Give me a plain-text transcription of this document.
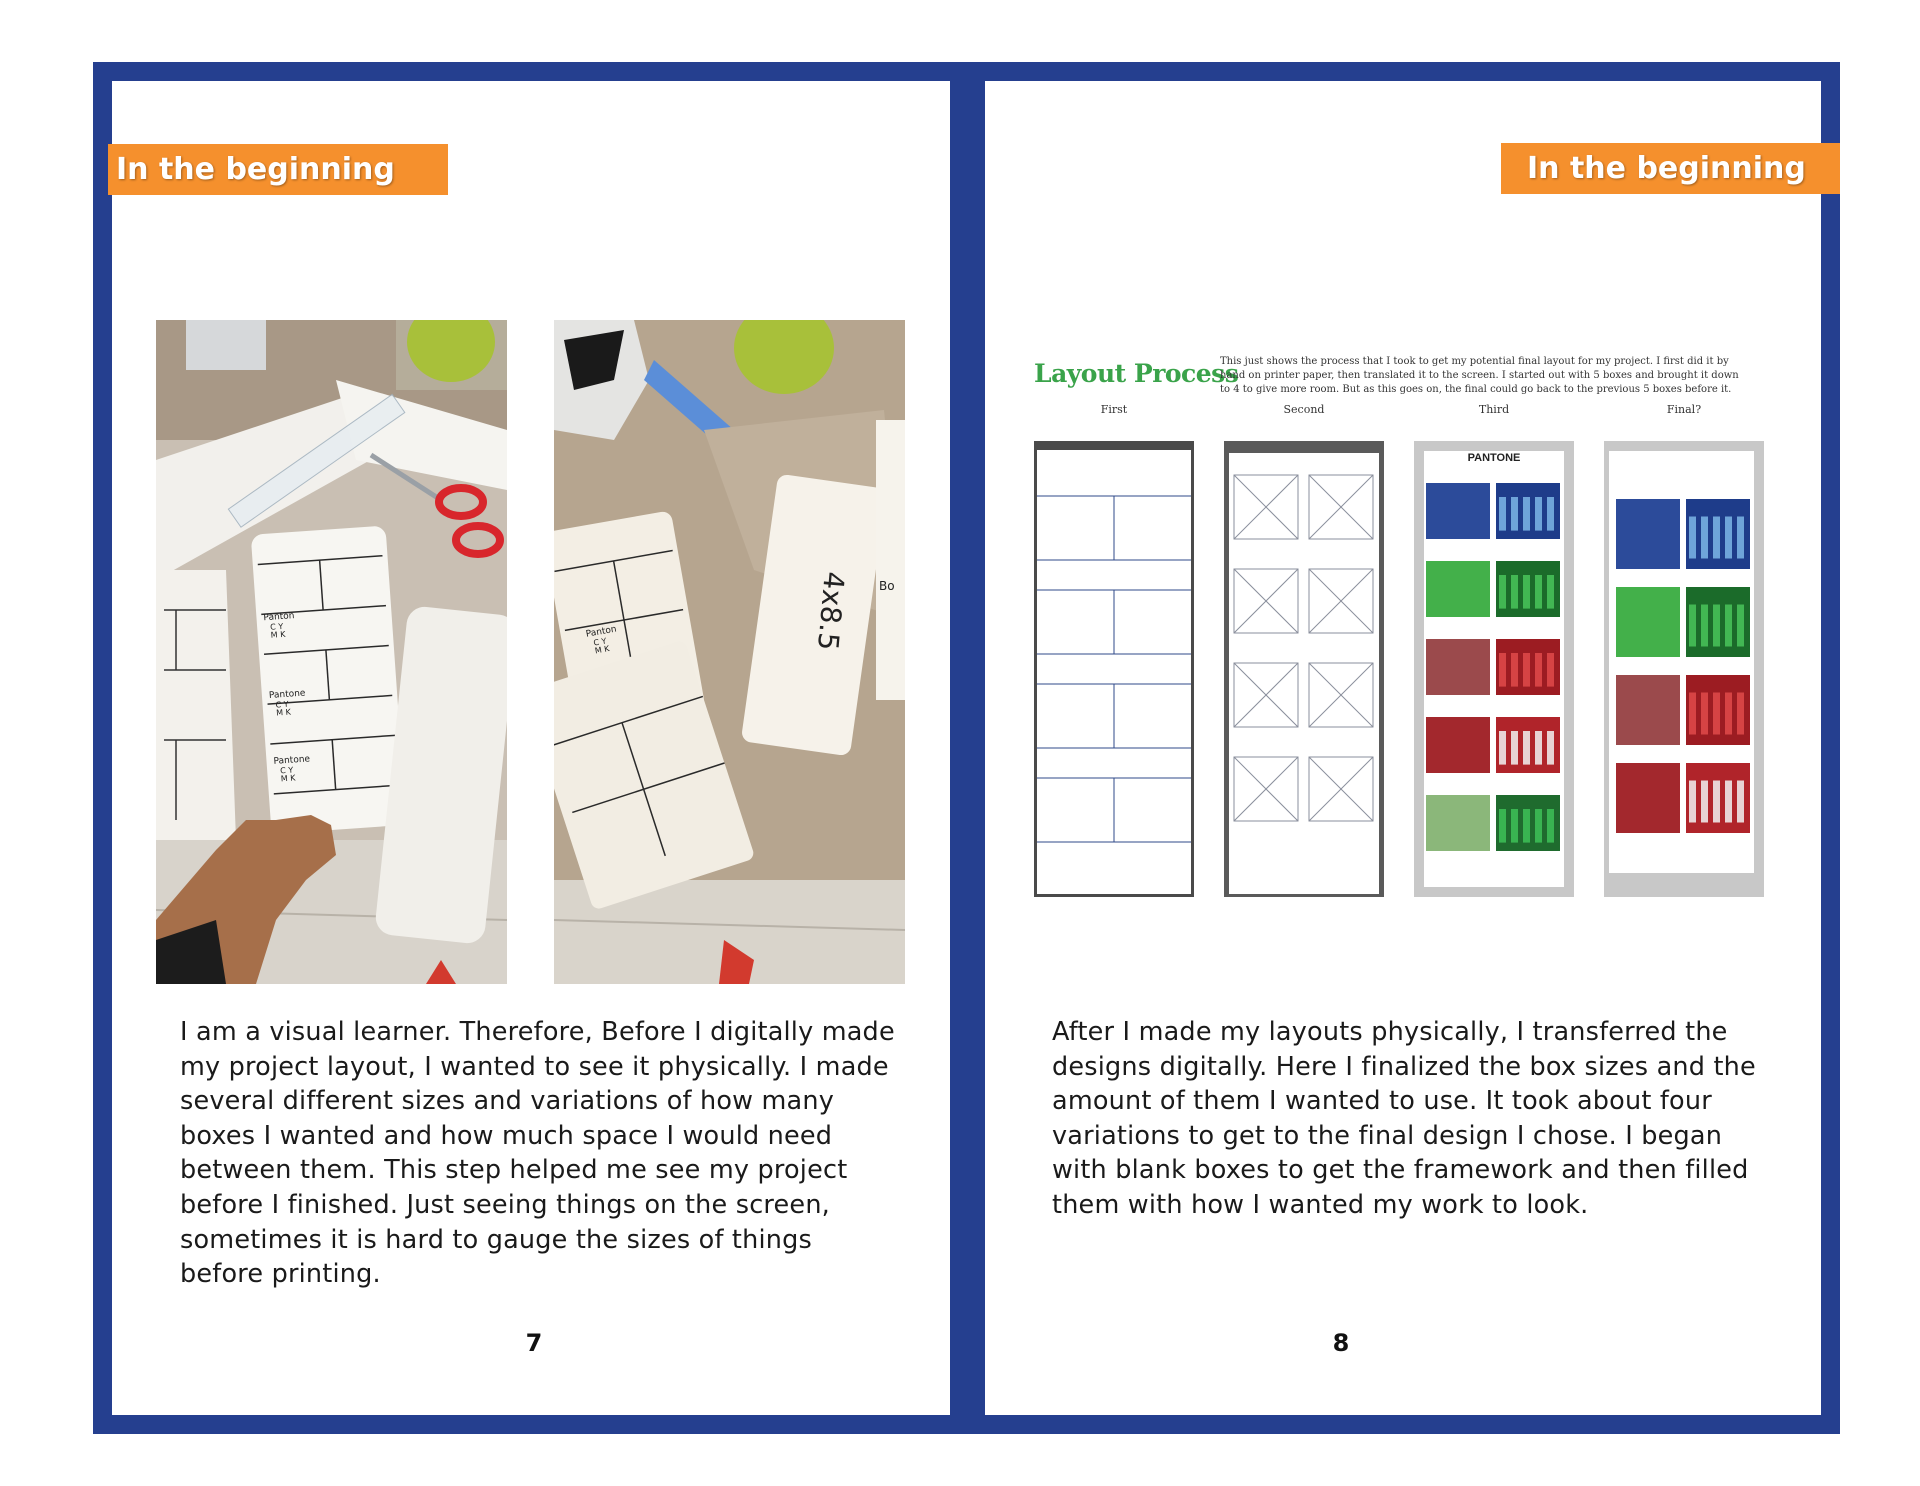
In the beginning
Panton
C Y
M K
Pantone
C Y
M K
Pantone
C Y
M K
Panton
C Y
M K	4x8.5 Bo
I am a visual learner. Therefore, Before I digitally made my project layout, I wanted to see it physically. I made several different sizes and variations of how many boxes I wanted and how much space I would need between them. This step helped me see my project before I finished. Just seeing things on the screen, sometimes it is hard to gauge the sizes of things before printing.
7
In the beginning
Layout Process
This just shows the process that I took to get my potential final layout for my project. I first did it by hand on printer paper, then translated it to the screen. I started out with 5 boxes and brought it down to 4 to give more room. But as this goes on, the final could go back to the previous 5 boxes before it.
First	Second	Third	Final?
PANTONE
After I made my layouts physically, I transferred the designs digitally. Here I finalized the box sizes and the amount of them I wanted to use. It took about four variations to get to the final design I chose. I began with blank boxes to get the framework and then filled them with how I wanted my work to look.
8
